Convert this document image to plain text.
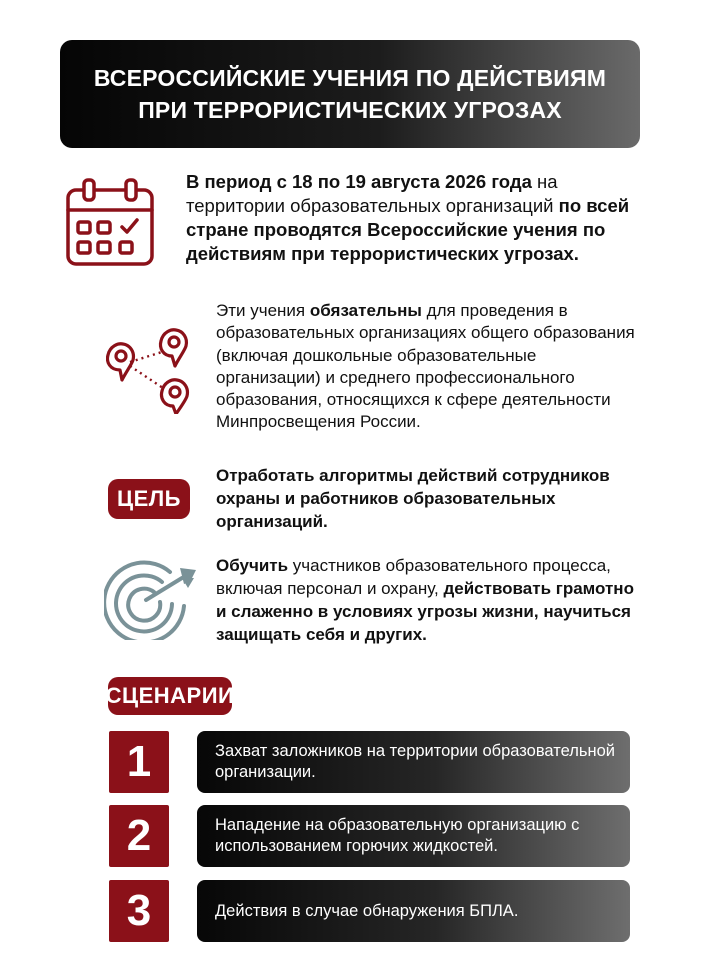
ВСЕРОССИЙСКИЕ УЧЕНИЯ ПО ДЕЙСТВИЯМ
ПРИ ТЕРРОРИСТИЧЕСКИХ УГРОЗАХ
В период с 18 по 19 августа 2026 года на территории образовательных организаций по всей стране проводятся Всероссийские учения по действиям при террористических угрозах.
Эти учения обязательны для проведения в образовательных организациях общего образования (включая дошкольные образовательные организации) и среднего профессионального образования, относящихся к сфере деятельности Минпросвещения России.
ЦЕЛЬ
Отработать алгоритмы действий сотрудников охраны и работников образовательных организаций.
Обучить участников образовательного процесса, включая персонал и охрану, действовать грамотно и слаженно в условиях угрозы жизни, научиться защищать себя и других.
СЦЕНАРИИ
1	Захват заложников на территории образовательной организации.
2	Нападение на образовательную организацию с использованием горючих жидкостей.
3	Действия в случае обнаружения БПЛА.
